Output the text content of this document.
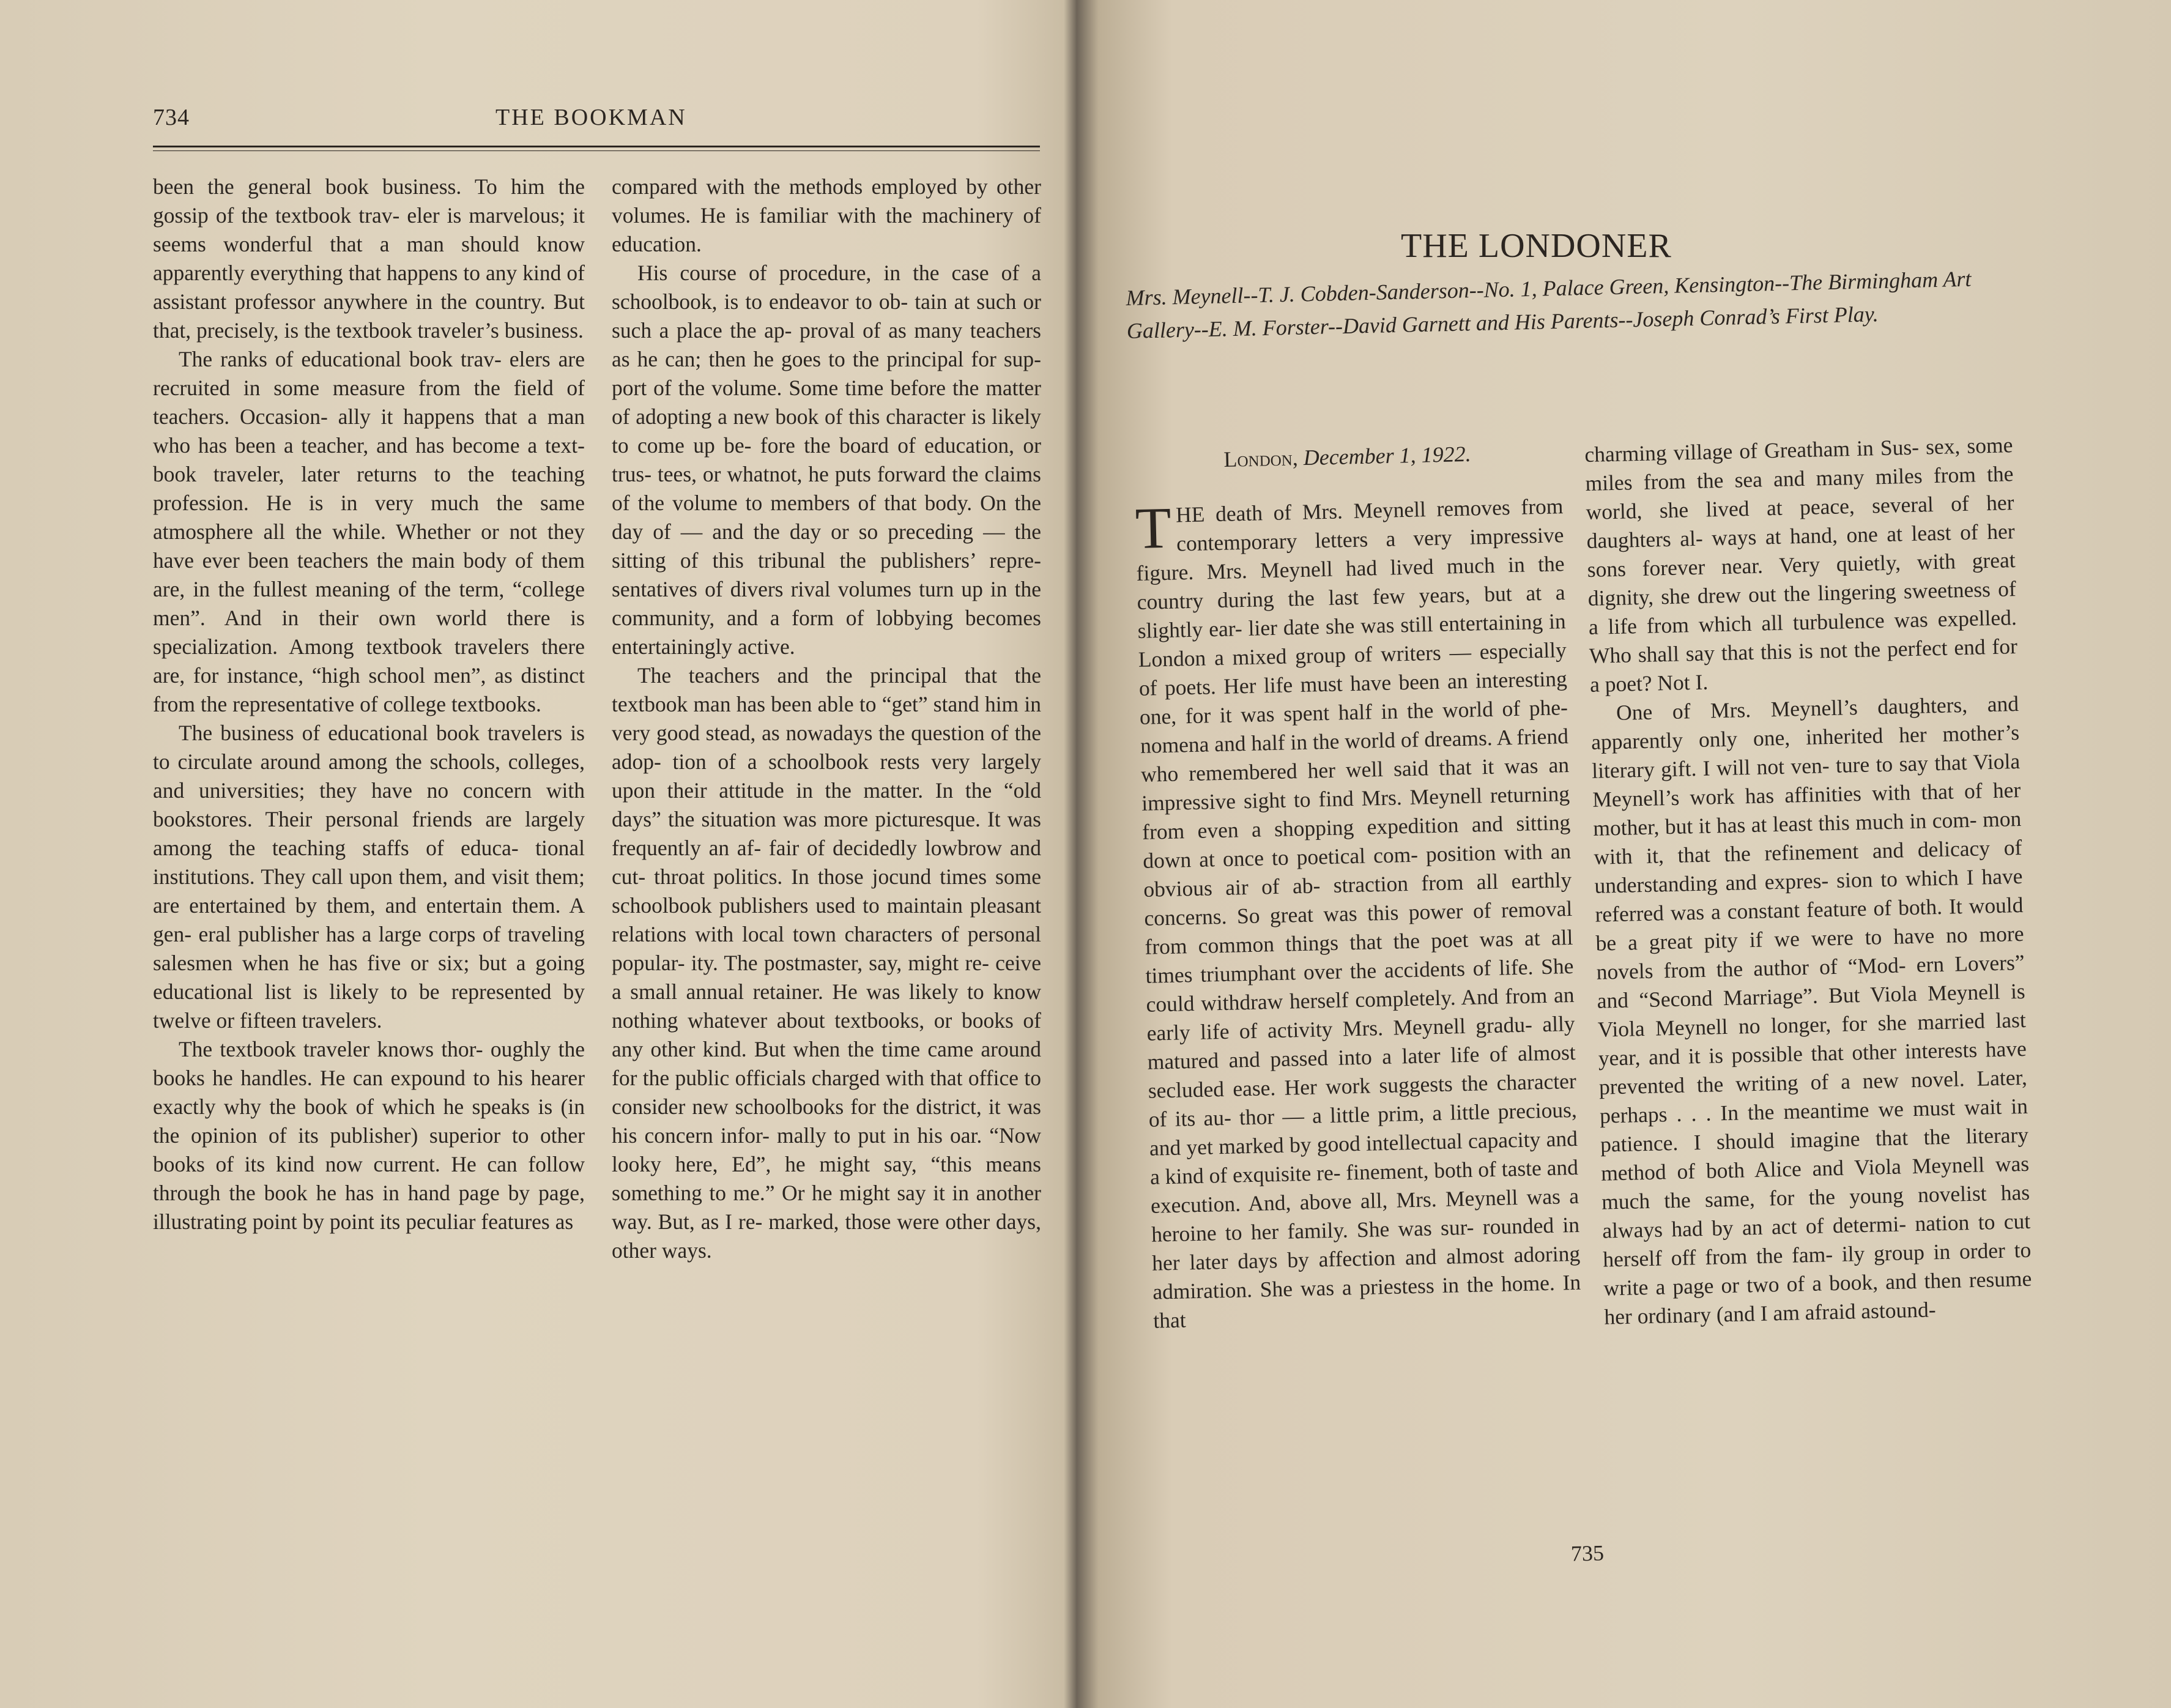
734	THE BOOKMAN

been the general book business. To him the gossip of the textbook trav- eler is marvelous; it seems wonderful that a man should know apparently everything that happens to any kind of assistant professor anywhere in the country. But that, precisely, is the textbook traveler’s business.

The ranks of educational book trav- elers are recruited in some measure from the field of teachers. Occasion- ally it happens that a man who has been a teacher, and has become a text- book traveler, later returns to the teaching profession. He is in very much the same atmosphere all the while. Whether or not they have ever been teachers the main body of them are, in the fullest meaning of the term, “college men”. And in their own world there is specialization. Among textbook travelers there are, for instance, “high school men”, as distinct from the representative of college textbooks.

The business of educational book travelers is to circulate around among the schools, colleges, and universities; they have no concern with bookstores. Their personal friends are largely among the teaching staffs of educa- tional institutions. They call upon them, and visit them; are entertained by them, and entertain them. A gen- eral publisher has a large corps of traveling salesmen when he has five or six; but a going educational list is likely to be represented by twelve or fifteen travelers.

The textbook traveler knows thor- oughly the books he handles. He can expound to his hearer exactly why the book of which he speaks is (in the opinion of its publisher) superior to other books of its kind now current. He can follow through the book he has in hand page by page, illustrating point by point its peculiar features as

compared with the methods employed by other volumes. He is familiar with the machinery of education.

His course of procedure, in the case of a schoolbook, is to endeavor to ob- tain at such or such a place the ap- proval of as many teachers as he can; then he goes to the principal for sup- port of the volume. Some time before the matter of adopting a new book of this character is likely to come up be- fore the board of education, or trus- tees, or whatnot, he puts forward the claims of the volume to members of that body. On the day of — and the day or so preceding — the sitting of this tribunal the publishers’ repre- sentatives of divers rival volumes turn up in the community, and a form of lobbying becomes entertainingly active.

The teachers and the principal that the textbook man has been able to “get” stand him in very good stead, as nowadays the question of the adop- tion of a schoolbook rests very largely upon their attitude in the matter. In the “old days” the situation was more picturesque. It was frequently an af- fair of decidedly lowbrow and cut- throat politics. In those jocund times some schoolbook publishers used to maintain pleasant relations with local town characters of personal popular- ity. The postmaster, say, might re- ceive a small annual retainer. He was likely to know nothing whatever about textbooks, or books of any other kind. But when the time came around for the public officials charged with that office to consider new schoolbooks for the district, it was his concern infor- mally to put in his oar. “Now looky here, Ed”, he might say, “this means something to me.” Or he might say it in another way. But, as I re- marked, those were other days, other ways.

THE LONDONER
Mrs. Meynell--T. J. Cobden-Sanderson--No. 1, Palace Green, Kensington--The Birmingham Art Gallery--E. M. Forster--David Garnett and His Parents--Joseph Conrad’s First Play.
London, December 1, 1922.

THE death of Mrs. Meynell removes from contemporary letters a very impressive figure. Mrs. Meynell had lived much in the country during the last few years, but at a slightly ear- lier date she was still entertaining in London a mixed group of writers — especially of poets. Her life must have been an interesting one, for it was spent half in the world of phe- nomena and half in the world of dreams. A friend who remembered her well said that it was an impressive sight to find Mrs. Meynell returning from even a shopping expedition and sitting down at once to poetical com- position with an obvious air of ab- straction from all earthly concerns. So great was this power of removal from common things that the poet was at all times triumphant over the accidents of life. She could withdraw herself completely. And from an early life of activity Mrs. Meynell gradu- ally matured and passed into a later life of almost secluded ease. Her work suggests the character of its au- thor — a little prim, a little precious, and yet marked by good intellectual capacity and a kind of exquisite re- finement, both of taste and execution. And, above all, Mrs. Meynell was a heroine to her family. She was sur- rounded in her later days by affection and almost adoring admiration. She was a priestess in the home. In that

charming village of Greatham in Sus- sex, some miles from the sea and many miles from the world, she lived at peace, several of her daughters al- ways at hand, one at least of her sons forever near. Very quietly, with great dignity, she drew out the lingering sweetness of a life from which all turbulence was expelled. Who shall say that this is not the perfect end for a poet? Not I.

One of Mrs. Meynell’s daughters, and apparently only one, inherited her mother’s literary gift. I will not ven- ture to say that Viola Meynell’s work has affinities with that of her mother, but it has at least this much in com- mon with it, that the refinement and delicacy of understanding and expres- sion to which I have referred was a constant feature of both. It would be a great pity if we were to have no more novels from the author of “Mod- ern Lovers” and “Second Marriage”. But Viola Meynell is Viola Meynell no longer, for she married last year, and it is possible that other interests have prevented the writing of a new novel. Later, perhaps . . . In the meantime we must wait in patience. I should imagine that the literary method of both Alice and Viola Meynell was much the same, for the young novelist has always had by an act of determi- nation to cut herself off from the fam- ily group in order to write a page or two of a book, and then resume her ordinary (and I am afraid astound-

735
